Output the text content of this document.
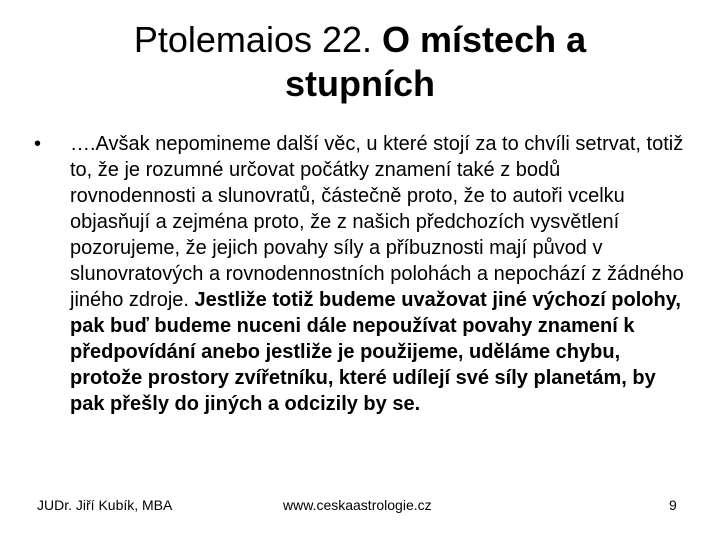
Ptolemaios 22. O místech a
stupních
• ….Avšak nepomineme další věc, u které stojí za to chvíli setrvat, totiž to, že je rozumné určovat počátky znamení také z bodů rovnodennosti a slunovratů, částečně proto, že to autoři vcelku objasňují a zejména proto, že z našich předchozích vysvětlení pozorujeme, že jejich povahy síly a příbuznosti mají původ v slunovratových a rovnodennostních polohách a nepochází z žádného jiného zdroje. Jestliže totiž budeme uvažovat jiné výchozí polohy, pak buď budeme nuceni dále nepoužívat povahy znamení k předpovídání anebo jestliže je použijeme, uděláme chybu, protože prostory zvířetníku, které udílejí své síly planetám, by pak přešly do jiných a odcizily by se.
JUDr. Jiří Kubík, MBA	www.ceskaastrologie.cz	9
